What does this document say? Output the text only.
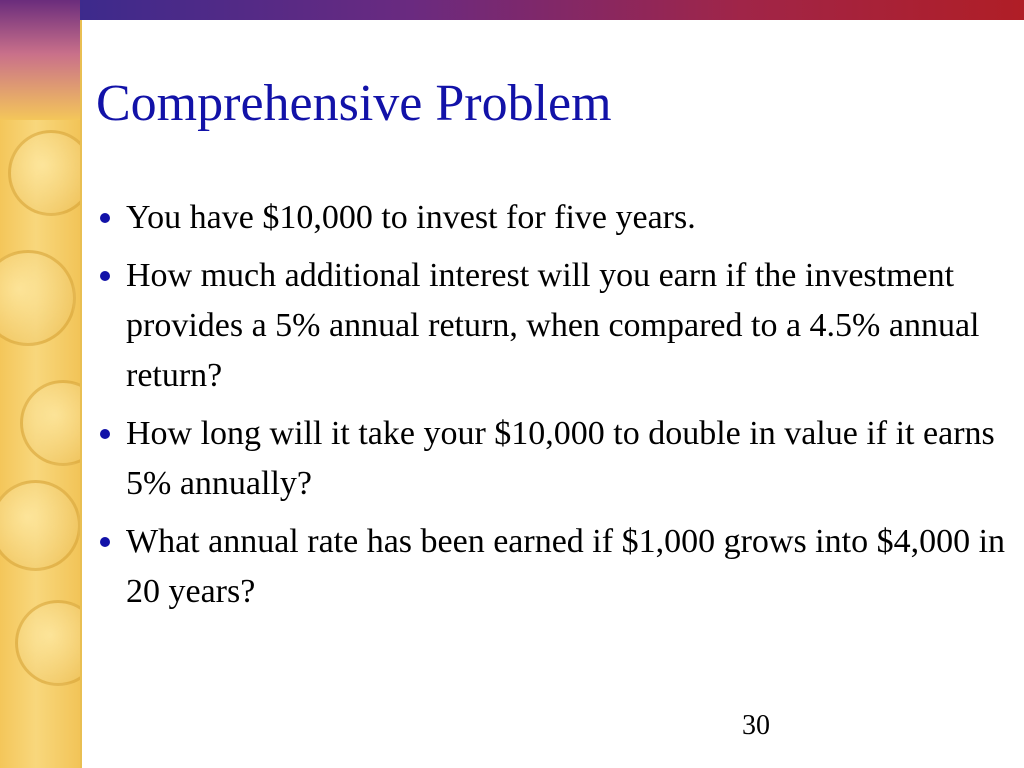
Comprehensive Problem
You have $10,000 to invest for five years.
How much additional interest will you earn if the investment provides a 5% annual return, when compared to a 4.5% annual return?
How long will it take your $10,000 to double in value if it earns 5% annually?
What annual rate has been earned if $1,000 grows into $4,000 in 20 years?
30
